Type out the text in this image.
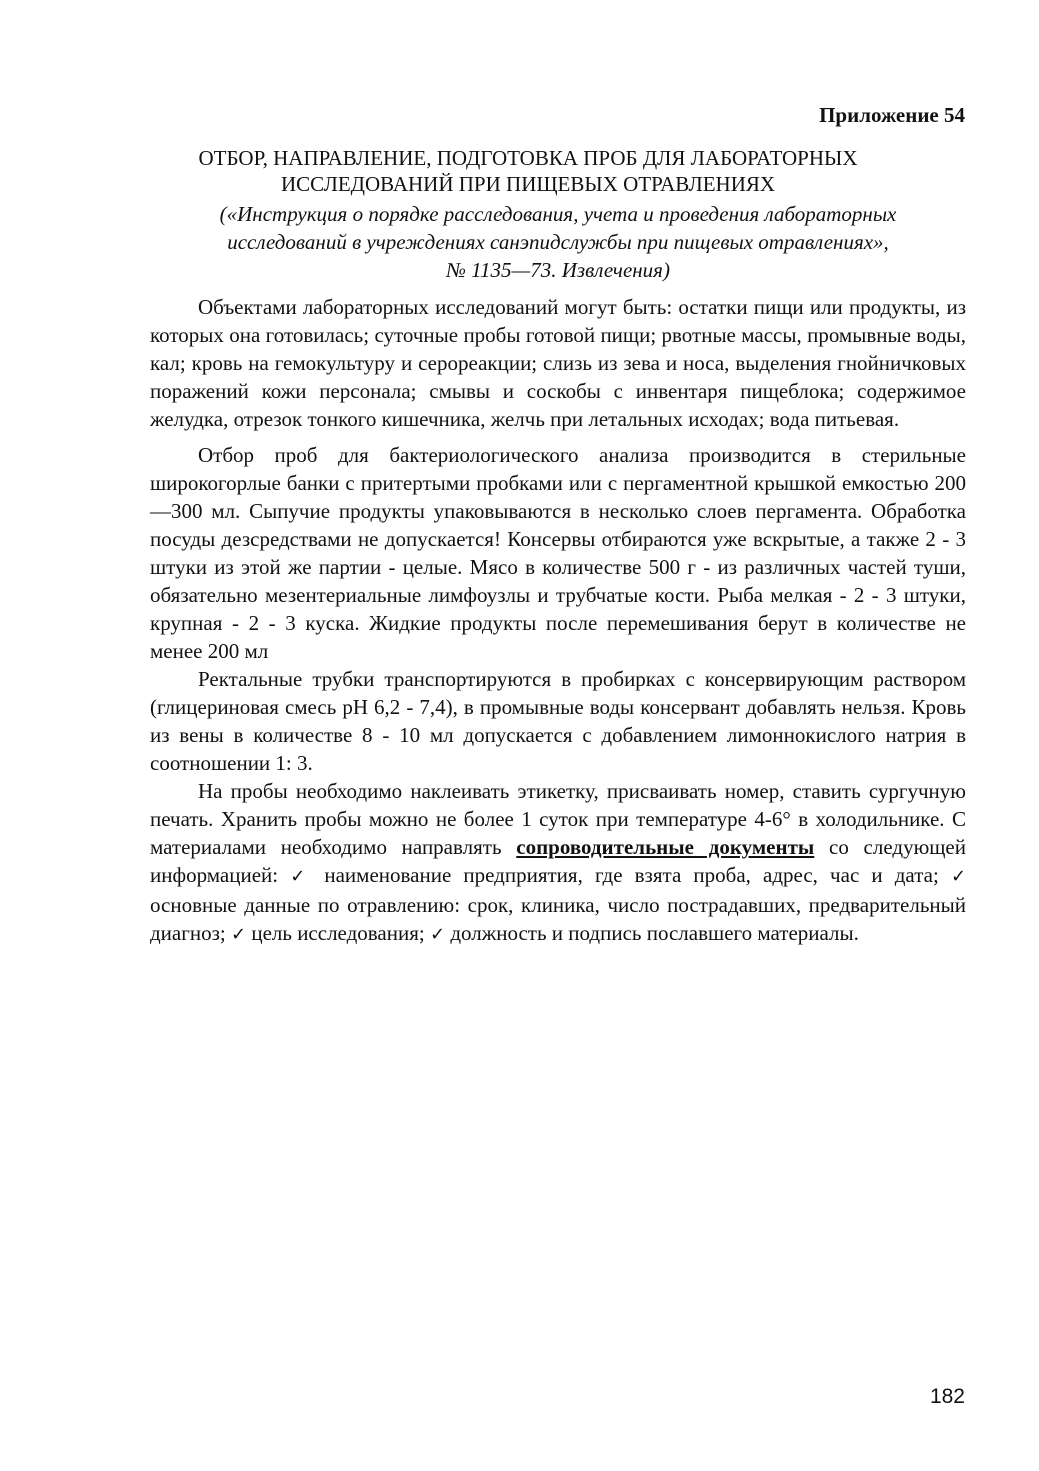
Приложение 54
ОТБОР, НАПРАВЛЕНИЕ, ПОДГОТОВКА ПРОБ ДЛЯ ЛАБОРАТОРНЫХ
ИССЛЕДОВАНИЙ ПРИ ПИЩЕВЫХ ОТРАВЛЕНИЯХ
(«Инструкция о порядке расследования, учета и проведения лабораторных
исследований в учреждениях санэпидслужбы при пищевых отравлениях»,
№ 1135—73. Извлечения)

Объектами лабораторных исследований могут быть: остатки пищи или продукты, из которых она готовилась; суточные пробы готовой пищи; рвотные массы, промывные воды, кал; кровь на гемокультуру и серореакции; слизь из зева и носа, выделения гнойничковых поражений кожи персонала; смывы и соскобы с инвентаря пищеблока; содержимое желудка, отрезок тонкого кишечника, желчь при летальных исходах; вода питьевая.

Отбор проб для бактериологического анализа производится в стерильные широкогорлые банки с притертыми пробками или с пергаментной крышкой емкостью 200—300 мл. Сыпучие продукты упаковываются в несколько слоев пергамента. Обработка посуды дезсредствами не допускается! Консервы отбираются уже вскрытые, а также 2 - 3 штуки из этой же партии - целые. Мясо в количестве 500 г - из различных частей туши, обязательно мезентериальные лимфоузлы и трубчатые кости. Рыба мелкая - 2 - 3 штуки, крупная - 2 - 3 куска. Жидкие продукты после перемешивания берут в количестве не менее 200 мл

Ректальные трубки транспортируются в пробирках с консервирующим раствором (глицериновая смесь pH 6,2 - 7,4), в промывные воды консервант добавлять нельзя. Кровь из вены в количестве 8 - 10 мл допускается с добавлением лимоннокислого натрия в соотношении 1: 3.

На пробы необходимо наклеивать этикетку, присваивать номер, ставить сургучную печать. Хранить пробы можно не более 1 суток при температуре 4-6° в холодильнике. С материалами необходимо направлять сопроводительные документы со следующей информацией: ✓ наименование предприятия, где взята проба, адрес, час и дата; ✓ основные данные по отравлению: срок, клиника, число пострадавших, предварительный диагноз; ✓ цель исследования; ✓ должность и подпись пославшего материалы.

182
